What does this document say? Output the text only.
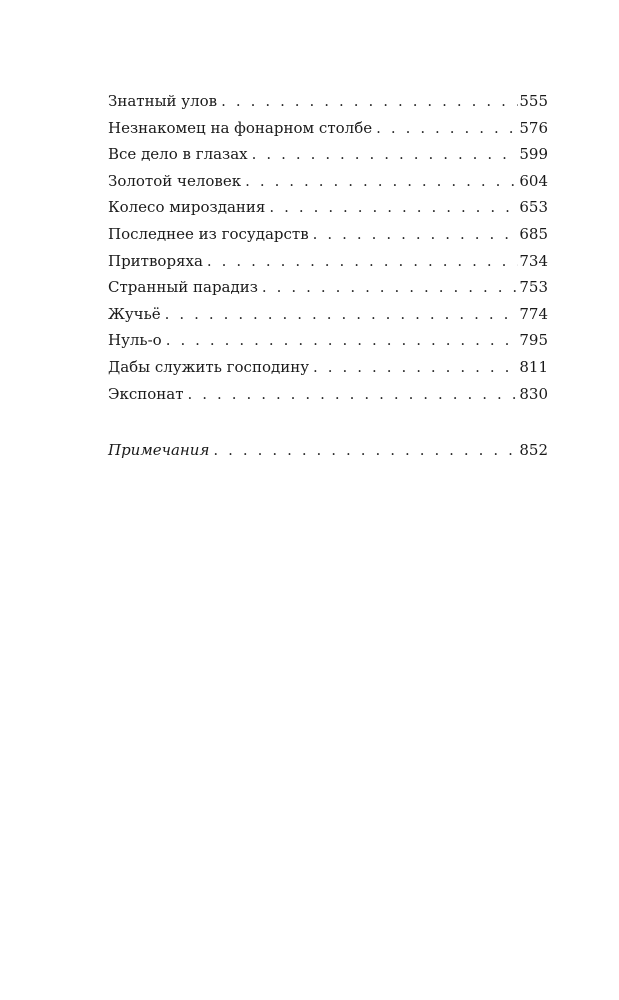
Знатный улов . . .	555
Незнакомец на фонарном столбе . . .	576
Все дело в глазах . . .	599
Золотой человек . . .	604
Колесо мироздания . . .	653
Последнее из государств . . .	685
Притворяха . . .	734
Странный парадиз . . .	753
Жучьё . . .	774
Нуль-о . . .	795
Дабы служить господину . . .	811
Экспонат . . .	830
Примечания . . .	852
